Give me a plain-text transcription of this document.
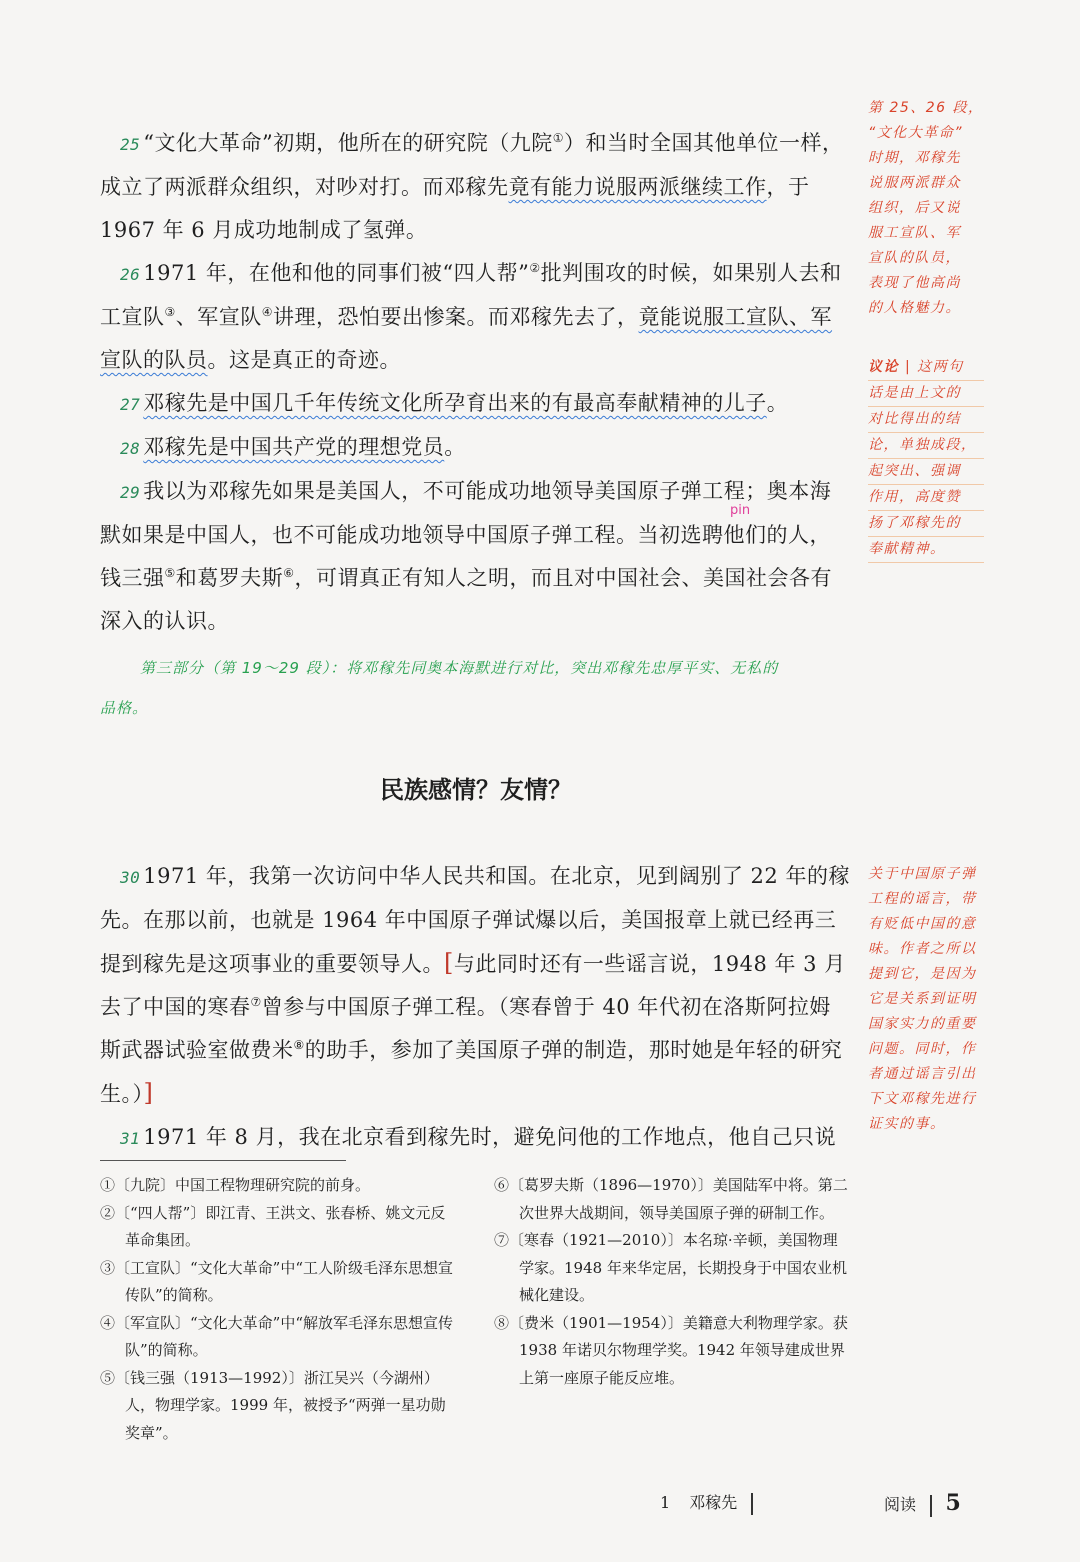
25 “文化大革命”初期，他所在的研究院（九院①）和当时全国其他单位一样，成立了两派群众组织，对吵对打。而邓稼先竟有能力说服两派继续工作，于 1967 年 6 月成功地制成了氢弹。

26 1971 年，在他和他的同事们被“四人帮”②批判围攻的时候，如果别人去和工宣队③、军宣队④讲理，恐怕要出惨案。而邓稼先去了，竟能说服工宣队、军宣队的队员。这是真正的奇迹。

27 邓稼先是中国几千年传统文化所孕育出来的有最高奉献精神的儿子。

28 邓稼先是中国共产党的理想党员。

29 我以为邓稼先如果是美国人，不可能成功地领导美国原子弹工程；奥本海默如果是中国人，也不可能成功地领导中国原子弹工程。当初选聘他们的人，钱三强⑤和葛罗夫斯⑥，可谓真正有知人之明，而且对中国社会、美国社会各有深入的认识。

pin
第三部分（第 19～29 段）：将邓稼先同奥本海默进行对比，突出邓稼先忠厚平实、无私的
品格。
民族感情？友情？

30 1971 年，我第一次访问中华人民共和国。在北京，见到阔别了 22 年的稼先。在那以前，也就是 1964 年中国原子弹试爆以后，美国报章上就已经再三提到稼先是这项事业的重要领导人。[与此同时还有一些谣言说，1948 年 3 月去了中国的寒春⑦曾参与中国原子弹工程。（寒春曾于 40 年代初在洛斯阿拉姆斯武器试验室做费米⑧的助手，参加了美国原子弹的制造，那时她是年轻的研究生。）]

31 1971 年 8 月，我在北京看到稼先时，避免问他的工作地点，他自己只说

第 25、26 段，
“文化大革命”
时期，邓稼先
说服两派群众
组织，后又说
服工宣队、军
宣队的队员，
表现了他高尚
的人格魅力。
议论 | 这两句
话是由上文的
对比得出的结
论，单独成段，
起突出、强调
作用，高度赞
扬了邓稼先的
奉献精神。
关于中国原子弹
工程的谣言，带
有贬低中国的意
味。作者之所以
提到它，是因为
它是关系到证明
国家实力的重要
问题。同时，作
者通过谣言引出
下文邓稼先进行
证实的事。

①〔九院〕中国工程物理研究院的前身。

②〔“四人帮”〕即江青、王洪文、张春桥、姚文元反革命集团。

③〔工宣队〕“文化大革命”中“工人阶级毛泽东思想宣传队”的简称。

④〔军宣队〕“文化大革命”中“解放军毛泽东思想宣传队”的简称。

⑤〔钱三强（1913—1992）〕浙江吴兴（今湖州）人，物理学家。1999 年，被授予“两弹一星功勋奖章”。

⑥〔葛罗夫斯（1896—1970）〕美国陆军中将。第二次世界大战期间，领导美国原子弹的研制工作。

⑦〔寒春（1921—2010）〕本名琼·辛顿，美国物理学家。1948 年来华定居，长期投身于中国农业机械化建设。

⑧〔费米（1901—1954）〕美籍意大利物理学家。获 1938 年诺贝尔物理学奖。1942 年领导建成世界上第一座原子能反应堆。

1 邓稼先	阅读 5
